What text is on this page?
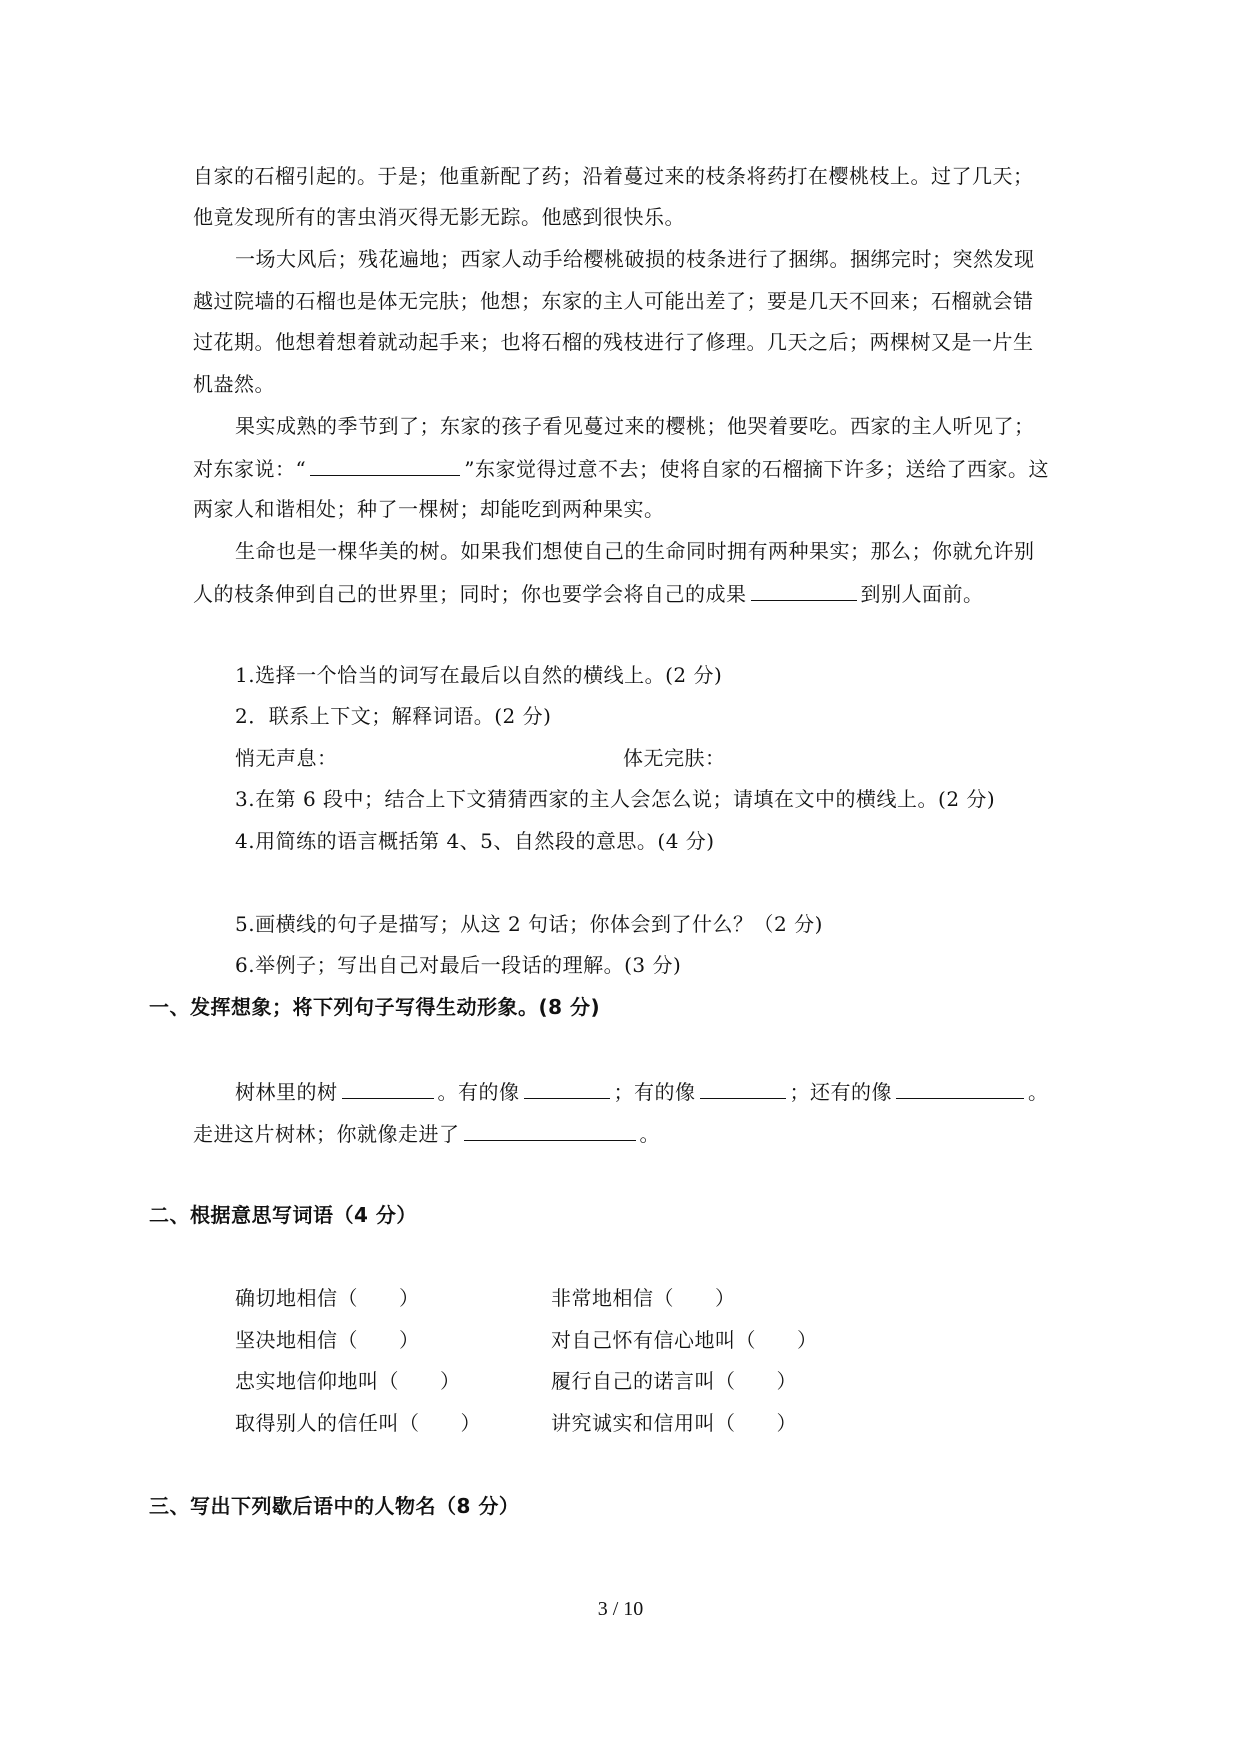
自家的石榴引起的。于是；他重新配了药；沿着蔓过来的枝条将药打在樱桃枝上。过了几天；
他竟发现所有的害虫消灭得无影无踪。他感到很快乐。
一场大风后；残花遍地；西家人动手给樱桃破损的枝条进行了捆绑。捆绑完时；突然发现
越过院墙的石榴也是体无完肤；他想；东家的主人可能出差了；要是几天不回来；石榴就会错
过花期。他想着想着就动起手来；也将石榴的残枝进行了修理。几天之后；两棵树又是一片生
机盎然。
果实成熟的季节到了；东家的孩子看见蔓过来的樱桃；他哭着要吃。西家的主人听见了；
对东家说：“	”东家觉得过意不去；使将自家的石榴摘下许多；送给了西家。这
两家人和谐相处；种了一棵树；却能吃到两种果实。
生命也是一棵华美的树。如果我们想使自己的生命同时拥有两种果实；那么；你就允许别
人的枝条伸到自己的世界里；同时；你也要学会将自己的成果	到别人面前。
1.选择一个恰当的词写在最后以自然的横线上。(2 分)
2．联系上下文；解释词语。(2 分)
悄无声息：	体无完肤：
3.在第 6 段中；结合上下文猜猜西家的主人会怎么说；请填在文中的横线上。(2 分)
4.用简练的语言概括第 4、5、自然段的意思。(4 分)
5.画横线的句子是描写；从这 2 句话；你体会到了什么？（2 分)
6.举例子；写出自己对最后一段话的理解。(3 分)
一、发挥想象；将下列句子写得生动形象。(8 分)
树林里的树	。有的像	；有的像	；还有的像	。
走进这片树林；你就像走进了	。
二、根据意思写词语（4 分）
确切地相信（　　）	非常地相信（　　）
坚决地相信（　　）	对自己怀有信心地叫（　　）
忠实地信仰地叫（　　）	履行自己的诺言叫（　　）
取得别人的信任叫（　　）	讲究诚实和信用叫（　　）
三、写出下列歇后语中的人物名（8 分）
3 / 10
